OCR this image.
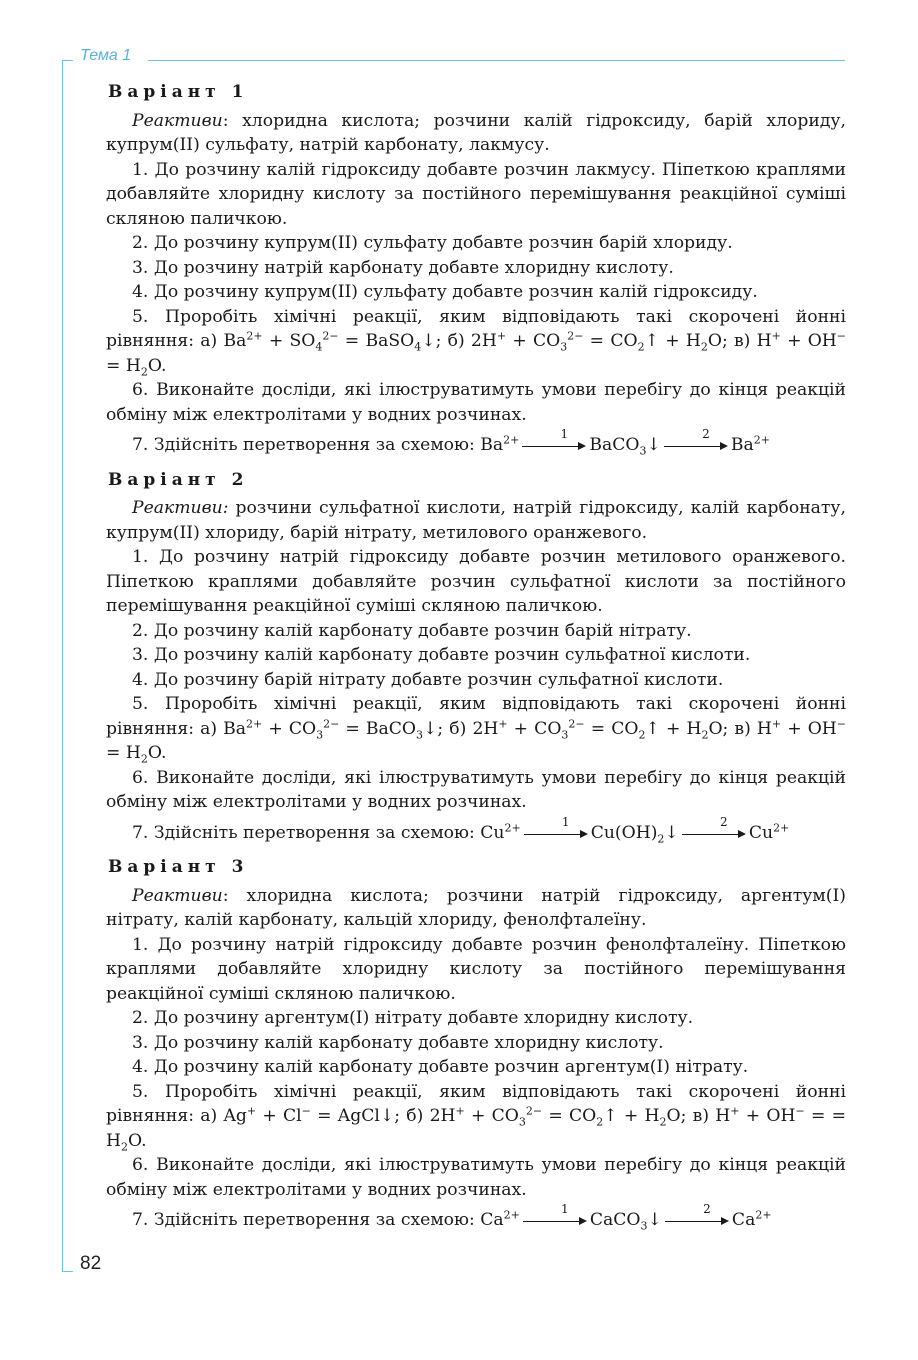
Тема 1
82
Варіант 1

Реактиви: хлоридна кислота; розчини калій гідроксиду, барій хлориду, купрум(II) сульфату, натрій карбонату, лакмусу.

1. До розчину калій гідроксиду добавте розчин лакмусу. Піпеткою краплями добавляйте хлоридну кислоту за постійного перемішування реакційної суміші скляною паличкою.

2. До розчину купрум(II) сульфату добавте розчин барій хлориду.

3. До розчину натрій карбонату добавте хлоридну кислоту.

4. До розчину купрум(II) сульфату добавте розчин калій гідроксиду.

5. Проробіть хімічні реакції, яким відповідають такі скорочені йонні рівняння: а) $Ba^{2+} + SO_4^{2-}$ = BaSO$_4$↓; б) $2H^+ + CO_3^{2-}$ = $CO_2↑ + H_2O$; в) $H^+ + OH^- = H_2O$.

6. Виконайте досліди, які ілюструватимуть умови перебігу до кінця реакцій обміну між електролітами у водних розчинах.

7. Здійсніть перетворення за схемою: $Ba^{2+}$	1
BaCO$_3$↓
2
$Ba^{2+}$

Варіант 2

Реактиви: розчини сульфатної кислоти, натрій гідроксиду, калій карбонату, купрум(II) хлориду, барій нітрату, метилового оранжевого.

1. До розчину натрій гідроксиду добавте розчин метилового оранжевого. Піпеткою краплями добавляйте розчин сульфатної кислоти за постійного перемішування реакційної суміші скляною паличкою.

2. До розчину калій карбонату добавте розчин барій нітрату.

3. До розчину калій карбонату добавте розчин сульфатної кислоти.

4. До розчину барій нітрату добавте розчин сульфатної кислоти.

5. Проробіть хімічні реакції, яким відповідають такі скорочені йонні рівняння: а) $Ba^{2+} + CO_3^{2-}$ = BaCO$_3$↓; б) $2H^+ + CO_3^{2-}$ = $CO_2↑ + H_2O$; в) $H^+ + OH^- = H_2O$.

6. Виконайте досліди, які ілюструватимуть умови перебігу до кінця реакцій обміну між електролітами у водних розчинах.

7. Здійсніть перетворення за схемою: $Cu^{2+}$	1
$Cu(OH)_2↓$
2
$Cu^{2+}$

Варіант 3

Реактиви: хлоридна кислота; розчини натрій гідроксиду, аргентум(I) нітрату, калій карбонату, кальцій хлориду, фенолфталеїну.

1. До розчину натрій гідроксиду добавте розчин фенолфталеїну. Піпеткою краплями добавляйте хлоридну кислоту за постійного перемішування реакційної суміші скляною паличкою.

2. До розчину аргентум(I) нітрату добавте хлоридну кислоту.

3. До розчину калій карбонату добавте хлоридну кислоту.

4. До розчину калій карбонату добавте розчин аргентум(I) нітрату.

5. Проробіть хімічні реакції, яким відповідають такі скорочені йонні рівняння: а) Ag+ + Cl− = AgCl↓; б) $2H^+ + CO_3^{2-}$ = $CO_2↑ + H_2O$; в) H+ + OH− = = $H_2O$.

6. Виконайте досліди, які ілюструватимуть умови перебігу до кінця реакцій обміну між електролітами у водних розчинах.

7. Здійсніть перетворення за схемою: $Ca^{2+}$	1
CaCO$_3$↓
2
$Ca^{2+}$
